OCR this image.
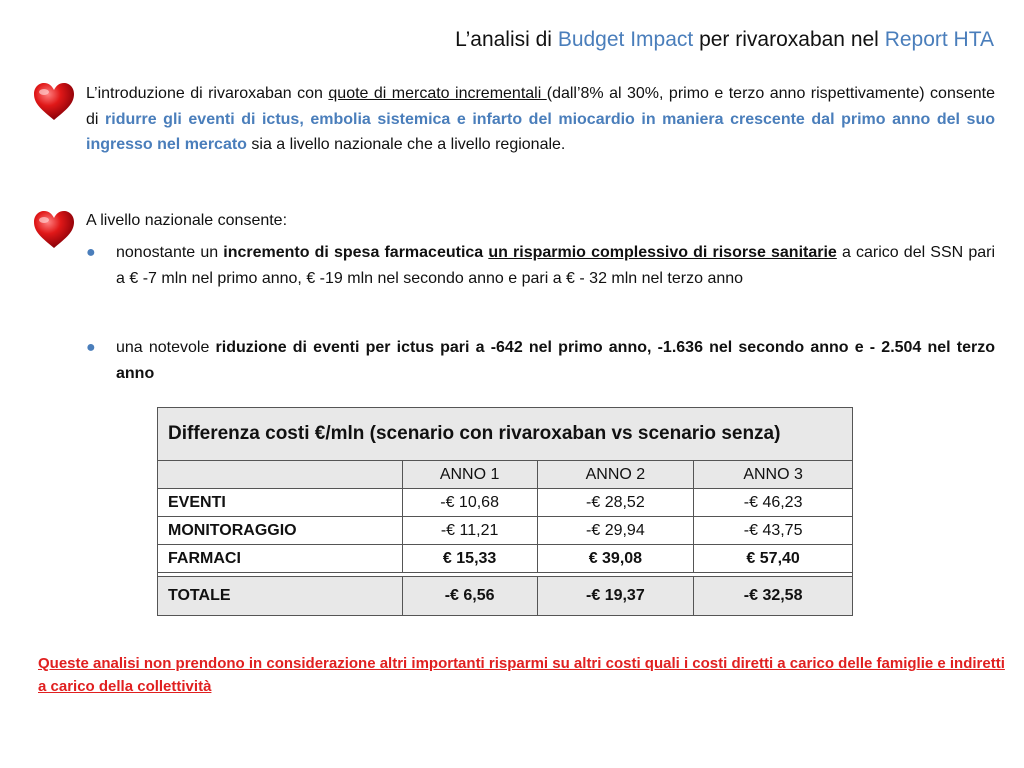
L’analisi di Budget Impact per rivaroxaban nel Report HTA
L’introduzione di rivaroxaban con quote di mercato incrementali (dall’8% al 30%, primo e terzo anno rispettivamente) consente di ridurre gli eventi di ictus, embolia sistemica e infarto del miocardio in maniera crescente dal primo anno del suo ingresso nel mercato sia a livello nazionale che a livello regionale.
A livello nazionale consente:
● nonostante un incremento di spesa farmaceutica un risparmio complessivo di risorse sanitarie a carico del SSN pari a € -7 mln nel primo anno, € -19 mln nel secondo anno e pari a € - 32 mln nel terzo anno
● una notevole riduzione di eventi per ictus pari a -642 nel primo anno, -1.636 nel secondo anno e - 2.504 nel terzo anno
Differenza costi €/mln (scenario con rivaroxaban vs scenario senza)			
	ANNO 1	ANNO 2	ANNO 3
EVENTI	-€ 10,68	-€ 28,52	-€ 46,23
MONITORAGGIO	-€ 11,21	-€ 29,94	-€ 43,75
FARMACI	€ 15,33	€ 39,08	€ 57,40

TOTALE	-€ 6,56	-€ 19,37	-€ 32,58
Queste analisi non prendono in considerazione altri importanti risparmi su altri costi quali i costi diretti a carico delle famiglie e indiretti a carico della collettività
